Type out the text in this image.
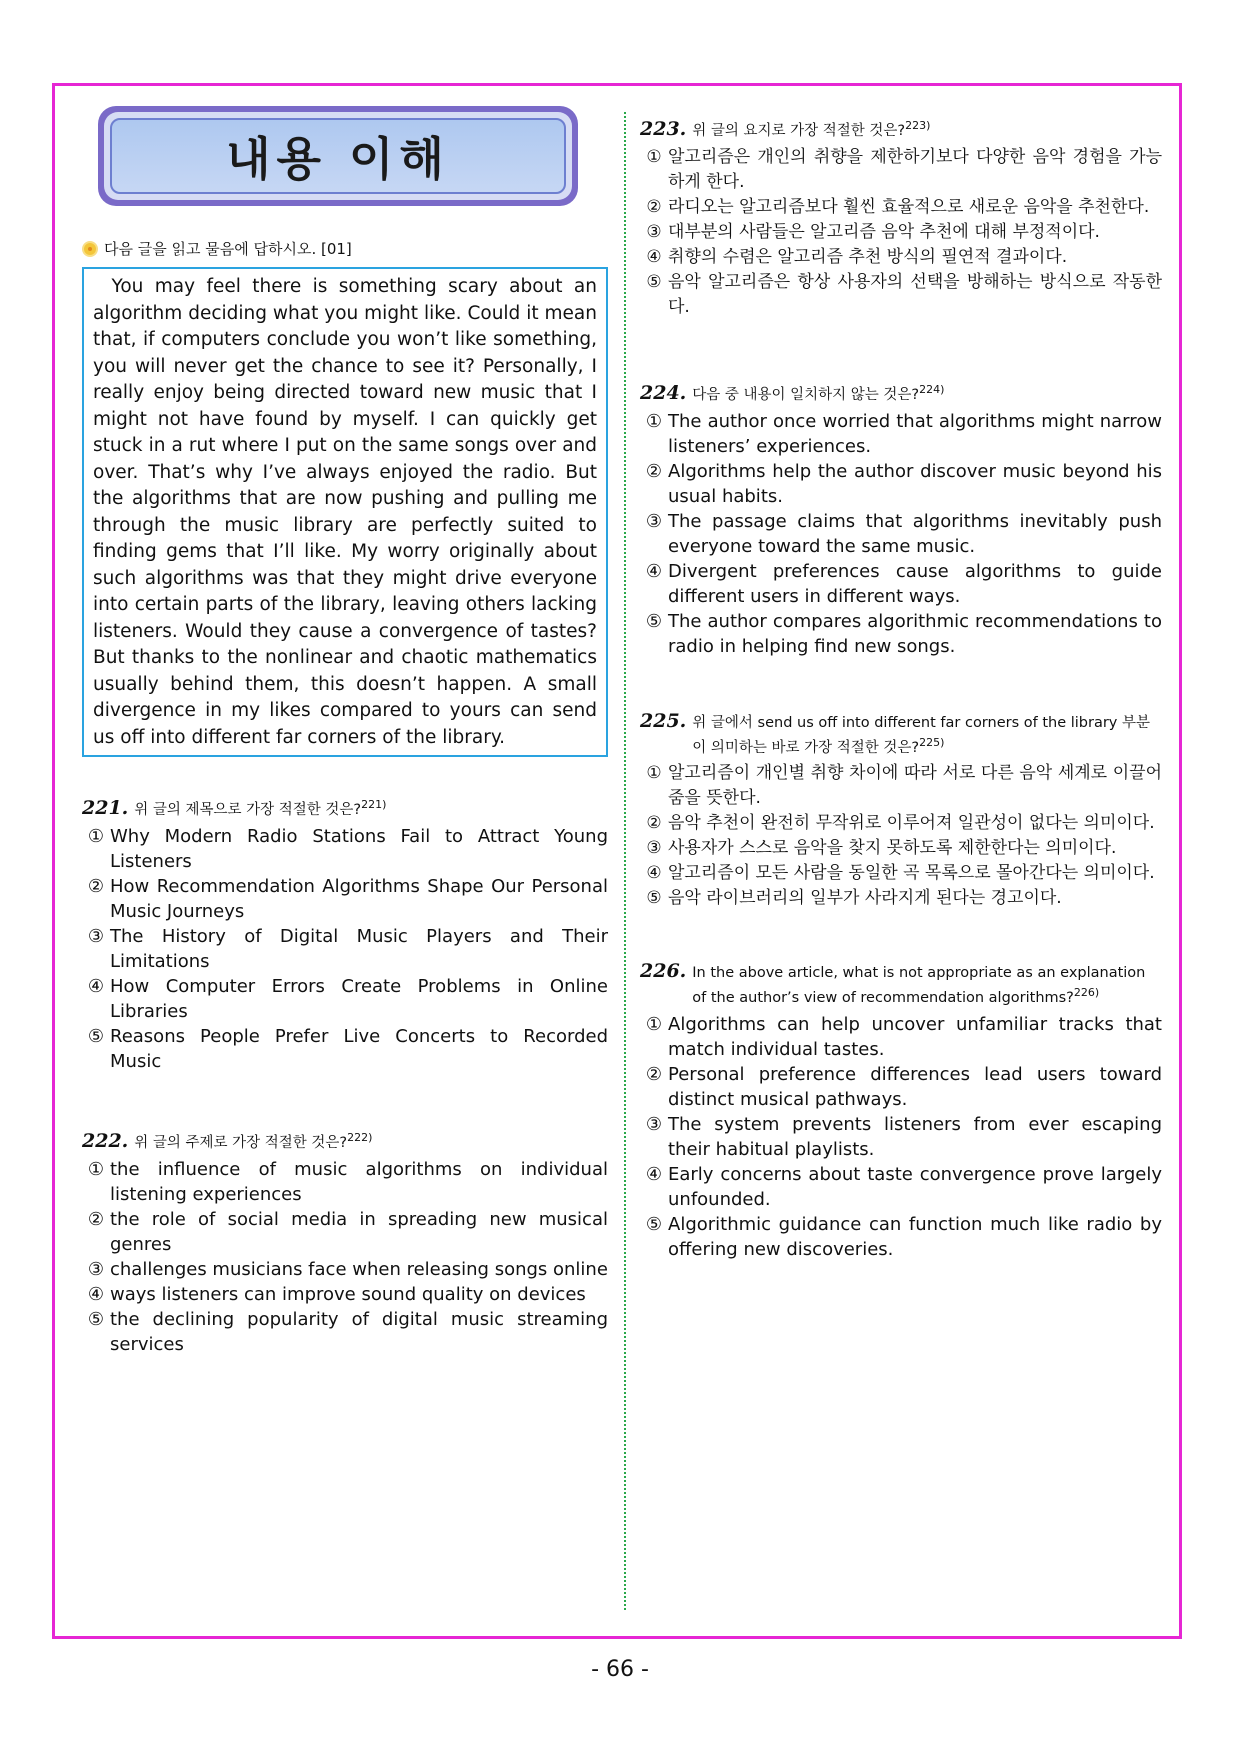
내용 이해
다음 글을 읽고 물음에 답하시오. [01]
You may feel there is something scary about an algorithm deciding what you might like. Could it mean that, if computers conclude you won’t like something, you will never get the chance to see it? Personally, I really enjoy being directed toward new music that I might not have found by myself. I can quickly get stuck in a rut where I put on the same songs over and over. That’s why I’ve always enjoyed the radio. But the algorithms that are now pushing and pulling me through the music library are perfectly suited to finding gems that I’ll like. My worry originally about such algorithms was that they might drive everyone into certain parts of the library, leaving others lacking listeners. Would they cause a convergence of tastes? But thanks to the nonlinear and chaotic mathematics usually behind them, this doesn’t happen. A small divergence in my likes compared to yours can send us off into different far corners of the library.
221. 위 글의 제목으로 가장 적절한 것은?$^{221)}$
① Why Modern Radio Stations Fail to Attract Young Listeners
② How Recommendation Algorithms Shape Our Personal Music Journeys
③ The History of Digital Music Players and Their Limitations
④ How Computer Errors Create Problems in Online Libraries
⑤ Reasons People Prefer Live Concerts to Recorded Music
222. 위 글의 주제로 가장 적절한 것은?$^{222)}$
① the influence of music algorithms on individual listening experiences
② the role of social media in spreading new musical genres
③ challenges musicians face when releasing songs online
④ ways listeners can improve sound quality on devices
⑤ the declining popularity of digital music streaming services
223. 위 글의 요지로 가장 적절한 것은?$^{223)}$
① 알고리즘은 개인의 취향을 제한하기보다 다양한 음악 경험을 가능하게 한다.
② 라디오는 알고리즘보다 훨씬 효율적으로 새로운 음악을 추천한다.
③ 대부분의 사람들은 알고리즘 음악 추천에 대해 부정적이다.
④ 취향의 수렴은 알고리즘 추천 방식의 필연적 결과이다.
⑤ 음악 알고리즘은 항상 사용자의 선택을 방해하는 방식으로 작동한다.
224. 다음 중 내용이 일치하지 않는 것은?$^{224)}$
① The author once worried that algorithms might narrow listeners’ experiences.
② Algorithms help the author discover music beyond his usual habits.
③ The passage claims that algorithms inevitably push everyone toward the same music.
④ Divergent preferences cause algorithms to guide different users in different ways.
⑤ The author compares algorithmic recommendations to radio in helping find new songs.
225. 위 글에서 send us off into different far corners of the library 부분이 의미하는 바로 가장 적절한 것은?$^{225)}$
① 알고리즘이 개인별 취향 차이에 따라 서로 다른 음악 세계로 이끌어 줌을 뜻한다.
② 음악 추천이 완전히 무작위로 이루어져 일관성이 없다는 의미이다.
③ 사용자가 스스로 음악을 찾지 못하도록 제한한다는 의미이다.
④ 알고리즘이 모든 사람을 동일한 곡 목록으로 몰아간다는 의미이다.
⑤ 음악 라이브러리의 일부가 사라지게 된다는 경고이다.
226. In the above article, what is not appropriate as an explanation of the author’s view of recommendation algorithms?$^{226)}$
① Algorithms can help uncover unfamiliar tracks that match individual tastes.
② Personal preference differences lead users toward distinct musical pathways.
③ The system prevents listeners from ever escaping their habitual playlists.
④ Early concerns about taste convergence prove largely unfounded.
⑤ Algorithmic guidance can function much like radio by offering new discoveries.
- 66 -
